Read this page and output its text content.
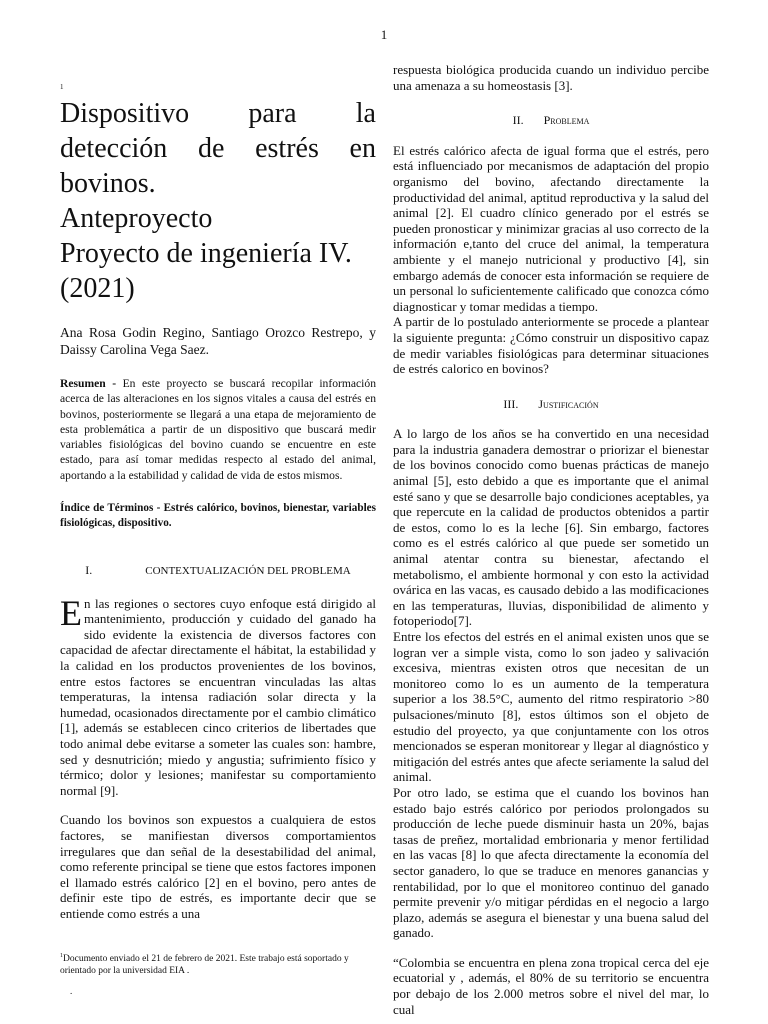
1
1
Dispositivo para la
detección de estrés en
bovinos.
Anteproyecto
Proyecto de ingeniería IV.
(2021)

Ana Rosa Godin Regino, Santiago Orozco Restrepo, y Daissy Carolina Vega Saez.

Resumen - En este proyecto se buscará recopilar información acerca de las alteraciones en los signos vitales a causa del estrés en bovinos, posteriormente se llegará a una etapa de mejoramiento de esta problemática a partir de un dispositivo que buscará medir variables fisiológicas del bovino cuando se encuentre en este estado, para así tomar medidas respecto al estado del animal, aportando a la estabilidad y calidad de vida de estos mismos.

Índice de Términos - Estrés calórico, bovinos, bienestar, variables fisiológicas, dispositivo.

I.	CONTEXTUALIZACIÓN DEL PROBLEMA

En las regiones o sectores cuyo enfoque está dirigido al mantenimiento, producción y cuidado del ganado ha sido evidente la existencia de diversos factores con capacidad de afectar directamente el hábitat, la estabilidad y la calidad en los productos provenientes de los bovinos, entre estos factores se encuentran vinculadas las altas temperaturas, la intensa radiación solar directa y la humedad, ocasionados directamente por el cambio climático [1], además se establecen cinco criterios de libertades que todo animal debe evitarse a someter las cuales son: hambre, sed y desnutrición; miedo y angustia; sufrimiento físico y térmico; dolor y lesiones; manifestar su comportamiento normal [9].

Cuando los bovinos son expuestos a cualquiera de estos factores, se manifiestan diversos comportamientos irregulares que dan señal de la desestabilidad del animal, como referente principal se tiene que estos factores imponen el llamado estrés calórico [2] en el bovino, pero antes de definir este tipo de estrés, es importante decir que se entiende como estrés a una

$^1$Documento enviado el 21 de febrero de 2021. Este trabajo está soportado y orientado por la universidad EIA .
.

respuesta biológica producida cuando un individuo percibe una amenaza a su homeostasis [3].

II. Problema

El estrés calórico afecta de igual forma que el estrés, pero está influenciado por mecanismos de adaptación del propio organismo del bovino, afectando directamente la productividad del animal, aptitud reproductiva y la salud del animal [2]. El cuadro clínico generado por el estrés se pueden pronosticar y minimizar gracias al uso correcto de la información e,tanto del cruce del animal, la temperatura ambiente y el manejo nutricional y productivo [4], sin embargo además de conocer esta información se requiere de un personal lo suficientemente calificado que conozca cómo diagnosticar y tomar medidas a tiempo.

A partir de lo postulado anteriormente se procede a plantear la siguiente pregunta: ¿Cómo construir un dispositivo capaz de medir variables fisiológicas para determinar situaciones de estrés calorico en bovinos?

III. Justificación

A lo largo de los años se ha convertido en una necesidad para la industria ganadera demostrar o priorizar el bienestar de los bovinos conocido como buenas prácticas de manejo animal [5], esto debido a que es importante que el animal esté sano y que se desarrolle bajo condiciones aceptables, ya que repercute en la calidad de productos obtenidos a partir de estos, como lo es la leche [6]. Sin embargo, factores como es el estrés calórico al que puede ser sometido un animal atentar contra su bienestar, afectando el metabolismo, el ambiente hormonal y con esto la actividad ovárica en las vacas, es causado debido a las modificaciones en las temperaturas, lluvias, disponibilidad de alimento y fotoperiodo[7].

Entre los efectos del estrés en el animal existen unos que se logran ver a simple vista, como lo son jadeo y salivación excesiva, mientras existen otros que necesitan de un monitoreo como lo es un aumento de la temperatura superior a los 38.5°C, aumento del ritmo respiratorio >80 pulsaciones/minuto [8], estos últimos son el objeto de estudio del proyecto, ya que conjuntamente con los otros mencionados se esperan monitorear y llegar al diagnóstico y mitigación del estrés antes que afecte seriamente la salud del animal.

Por otro lado, se estima que el cuando los bovinos han estado bajo estrés calórico por periodos prolongados su producción de leche puede disminuir hasta un 20%, bajas tasas de preñez, mortalidad embrionaria y menor fertilidad en las vacas [8] lo que afecta directamente la economía del sector ganadero, lo que se traduce en menores ganancias y rentabilidad, por lo que el monitoreo continuo del ganado permite prevenir y/o mitigar pérdidas en el negocio a largo plazo, además se asegura el bienestar y una buena salud del ganado.

“Colombia se encuentra en plena zona tropical cerca del eje ecuatorial y , además, el 80% de su territorio se encuentra por debajo de los 2.000 metros sobre el nivel del mar, lo cual
